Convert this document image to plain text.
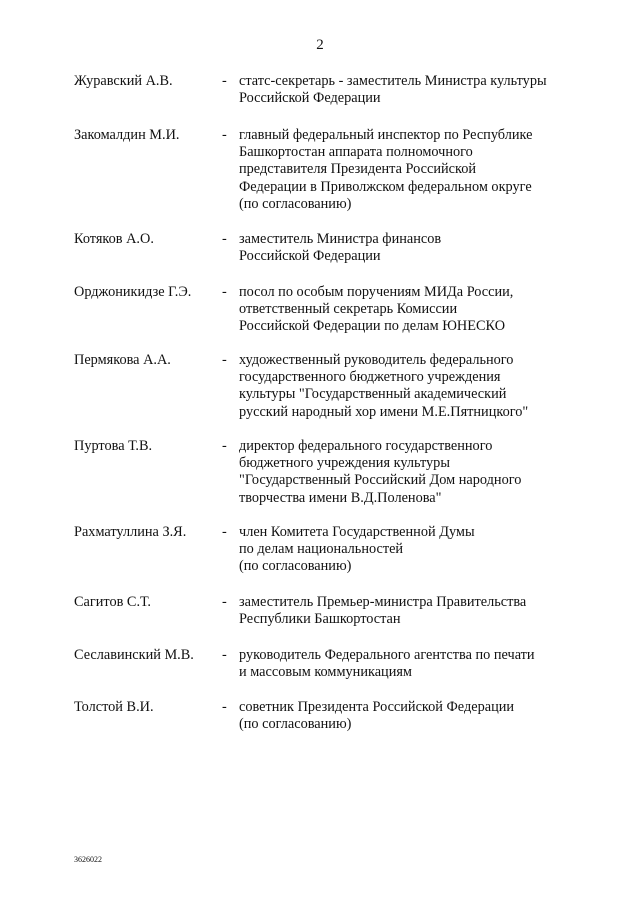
2
Журавский А.В.	- статс-секретарь - заместитель Министра культуры
Российской Федерации
Закомалдин М.И.	- главный федеральный инспектор по Республике
Башкортостан аппарата полномочного
представителя Президента Российской
Федерации в Приволжском федеральном округе
(по согласованию)
Котяков А.О.	- заместитель Министра финансов
Российской Федерации
Орджоникидзе Г.Э. - посол по особым поручениям МИДа России,
ответственный секретарь Комиссии
Российской Федерации по делам ЮНЕСКО
Пермякова А.А.	- художественный руководитель федерального
государственного бюджетного учреждения
культуры "Государственный академический
русский народный хор имени М.Е.Пятницкого"
Пуртова Т.В.	- директор федерального государственного
бюджетного учреждения культуры
"Государственный Российский Дом народного
творчества имени В.Д.Поленова"
Рахматуллина З.Я. - член Комитета Государственной Думы
по делам национальностей
(по согласованию)
Сагитов С.Т.	- заместитель Премьер-министра Правительства
Республики Башкортостан
Сеславинский М.В. - руководитель Федерального агентства по печати
и массовым коммуникациям
Толстой В.И.	- советник Президента Российской Федерации
(по согласованию)
3626022
